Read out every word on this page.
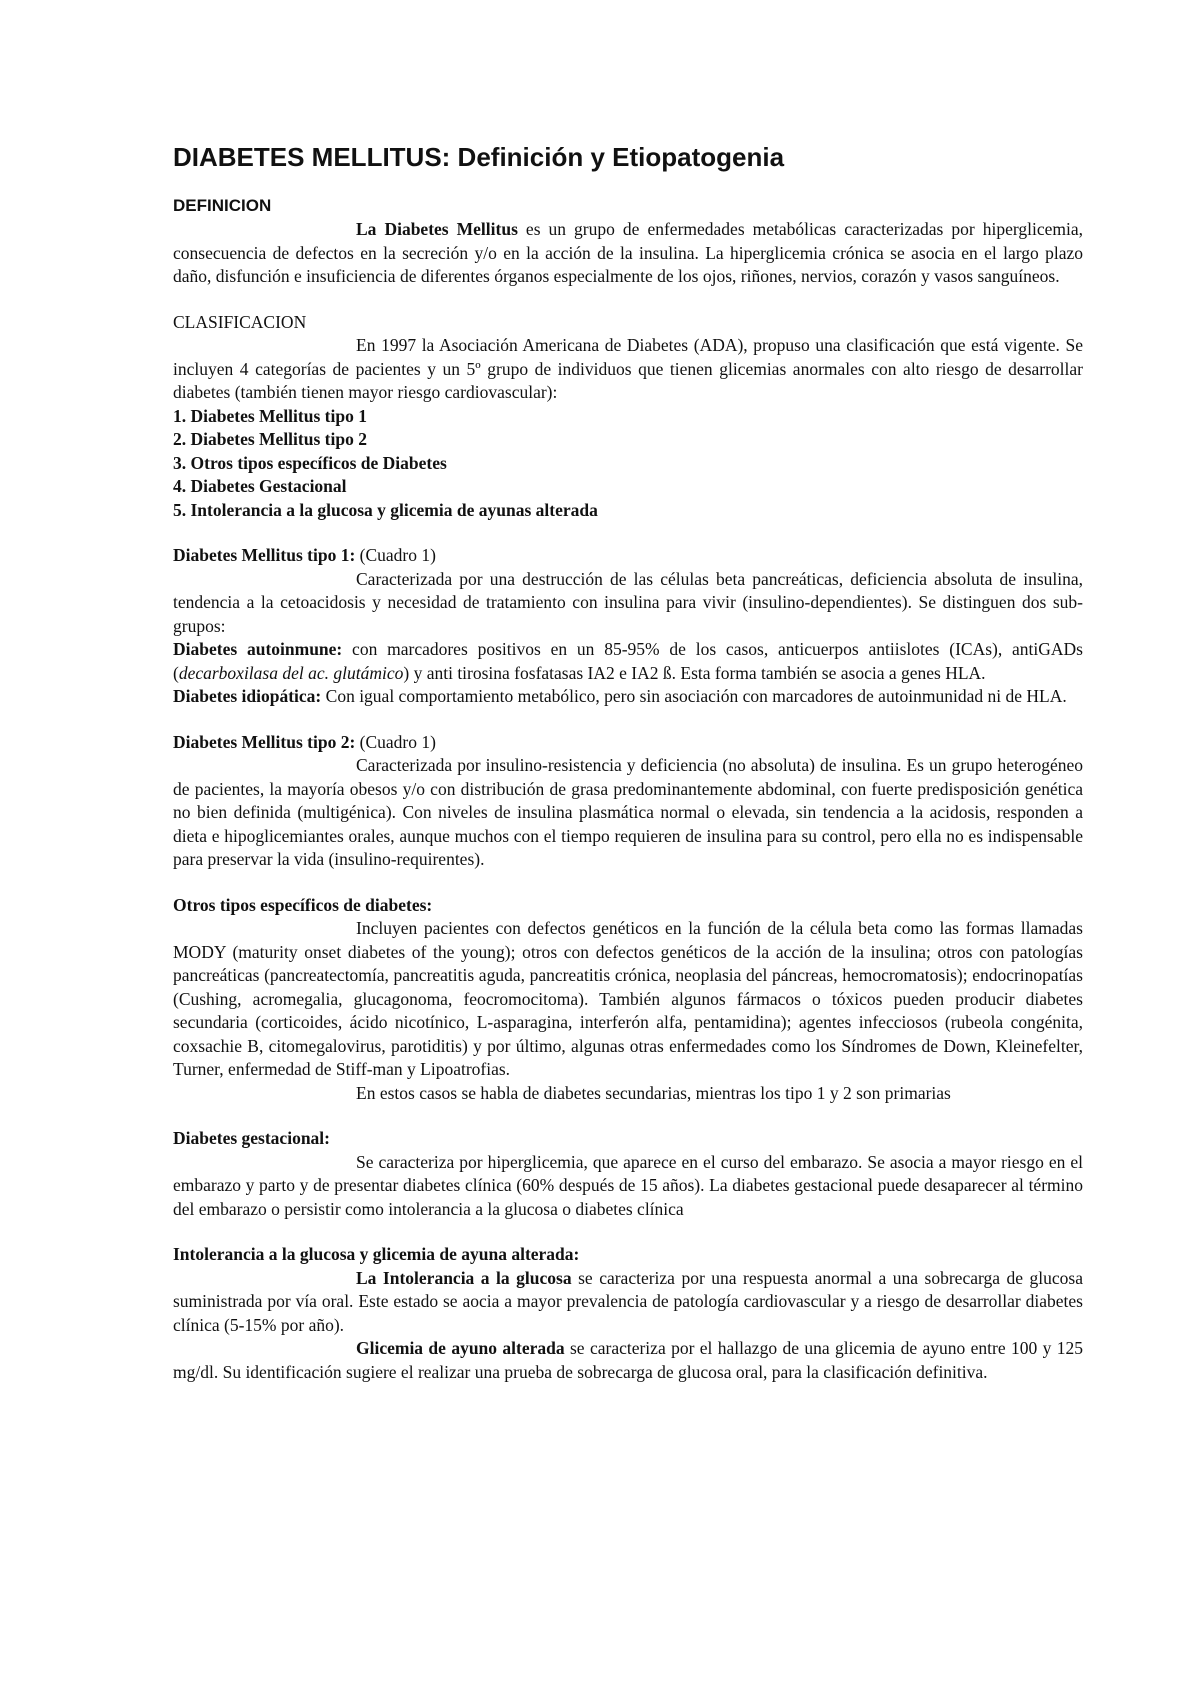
DIABETES MELLITUS: Definición y Etiopatogenia
DEFINICION

La Diabetes Mellitus es un grupo de enfermedades metabólicas caracterizadas por hiperglicemia, consecuencia de defectos en la secreción y/o en la acción de la insulina. La hiperglicemia crónica se asocia en el largo plazo daño, disfunción e insuficiencia de diferentes órganos especialmente de los ojos, riñones, nervios, corazón y vasos sanguíneos.

CLASIFICACION

En 1997 la Asociación Americana de Diabetes (ADA), propuso una clasificación que está vigente. Se incluyen 4 categorías de pacientes y un 5º grupo de individuos que tienen glicemias anormales con alto riesgo de desarrollar diabetes (también tienen mayor riesgo cardiovascular):

1. Diabetes Mellitus tipo 1
2. Diabetes Mellitus tipo 2
3. Otros tipos específicos de Diabetes
4. Diabetes Gestacional
5. Intolerancia a la glucosa y glicemia de ayunas alterada

Diabetes Mellitus tipo 1: (Cuadro 1)

Caracterizada por una destrucción de las células beta pancreáticas, deficiencia absoluta de insulina, tendencia a la cetoacidosis y necesidad de tratamiento con insulina para vivir (insulino-dependientes). Se distinguen dos sub-grupos:

Diabetes autoinmune: con marcadores positivos en un 85-95% de los casos, anticuerpos antiislotes (ICAs), antiGADs (decarboxilasa del ac. glutámico) y anti tirosina fosfatasas IA2 e IA2 ß. Esta forma también se asocia a genes HLA.

Diabetes idiopática: Con igual comportamiento metabólico, pero sin asociación con marcadores de autoinmunidad ni de HLA.

Diabetes Mellitus tipo 2: (Cuadro 1)

Caracterizada por insulino-resistencia y deficiencia (no absoluta) de insulina. Es un grupo heterogéneo de pacientes, la mayoría obesos y/o con distribución de grasa predominantemente abdominal, con fuerte predisposición genética no bien definida (multigénica). Con niveles de insulina plasmática normal o elevada, sin tendencia a la acidosis, responden a dieta e hipoglicemiantes orales, aunque muchos con el tiempo requieren de insulina para su control, pero ella no es indispensable para preservar la vida (insulino-requirentes).

Otros tipos específicos de diabetes:

Incluyen pacientes con defectos genéticos en la función de la célula beta como las formas llamadas MODY (maturity onset diabetes of the young); otros con defectos genéticos de la acción de la insulina; otros con patologías pancreáticas (pancreatectomía, pancreatitis aguda, pancreatitis crónica, neoplasia del páncreas, hemocromatosis); endocrinopatías (Cushing, acromegalia, glucagonoma, feocromocitoma). También algunos fármacos o tóxicos pueden producir diabetes secundaria (corticoides, ácido nicotínico, L-asparagina, interferón alfa, pentamidina); agentes infecciosos (rubeola congénita, coxsachie B, citomegalovirus, parotiditis) y por último, algunas otras enfermedades como los Síndromes de Down, Kleinefelter, Turner, enfermedad de Stiff-man y Lipoatrofias.

En estos casos se habla de diabetes secundarias, mientras los tipo 1 y 2 son primarias

Diabetes gestacional:

Se caracteriza por hiperglicemia, que aparece en el curso del embarazo. Se asocia a mayor riesgo en el embarazo y parto y de presentar diabetes clínica (60% después de 15 años). La diabetes gestacional puede desaparecer al término del embarazo o persistir como intolerancia a la glucosa o diabetes clínica

Intolerancia a la glucosa y glicemia de ayuna alterada:

La Intolerancia a la glucosa se caracteriza por una respuesta anormal a una sobrecarga de glucosa suministrada por vía oral. Este estado se aocia a mayor prevalencia de patología cardiovascular y a riesgo de desarrollar diabetes clínica (5-15% por año).

Glicemia de ayuno alterada se caracteriza por el hallazgo de una glicemia de ayuno entre 100 y 125 mg/dl. Su identificación sugiere el realizar una prueba de sobrecarga de glucosa oral, para la clasificación definitiva.
